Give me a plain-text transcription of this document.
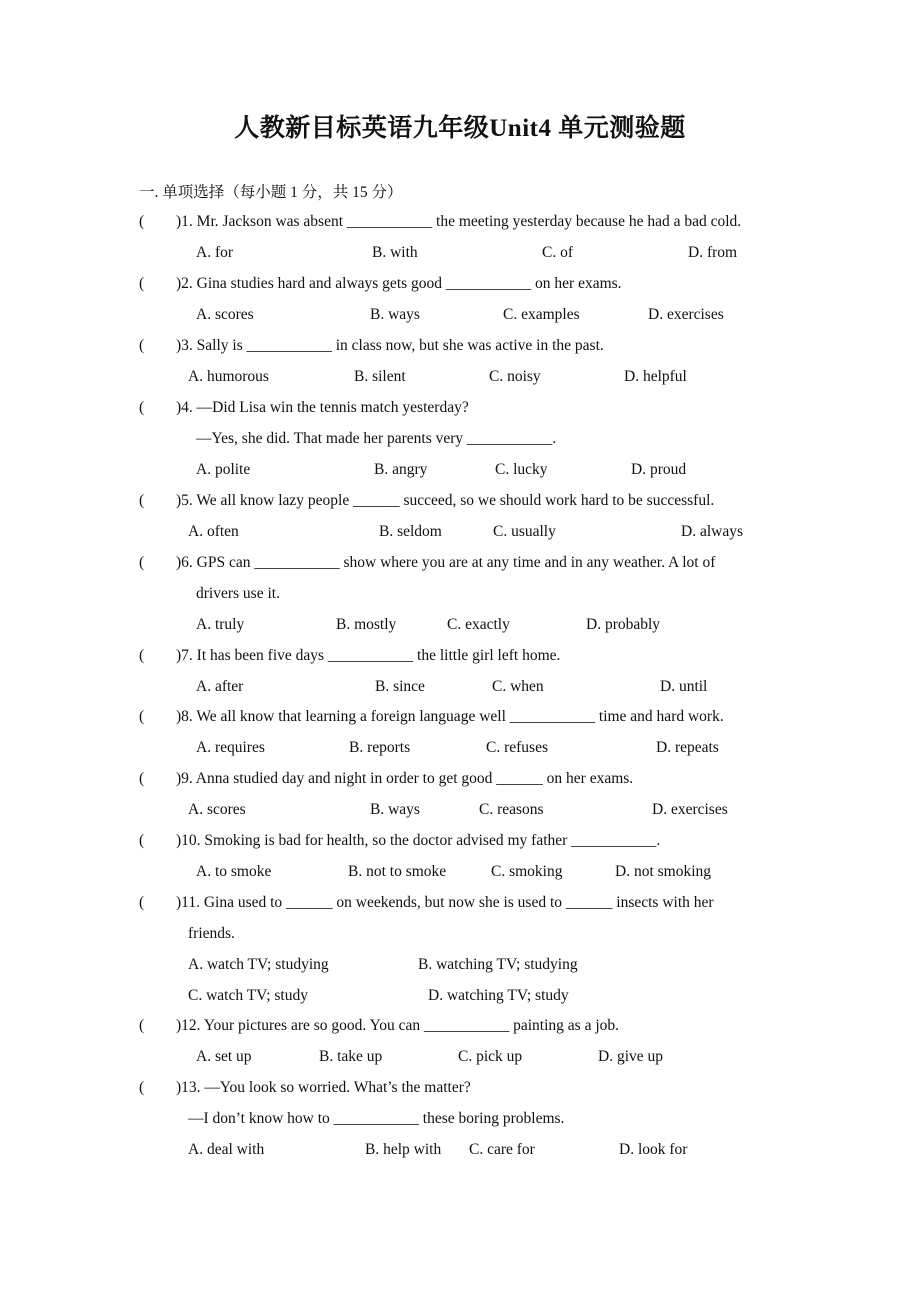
人教新目标英语九年级Unit4 单元测验题
一. 单项选择（每小题 1 分，共 15 分）
( )1. Mr. Jackson was absent ___________ the meeting yesterday because he had a bad cold.
A. for	B. with	C. of	D. from
( )2. Gina studies hard and always gets good ___________ on her exams.
A. scores	B. ways	C. examples	D. exercises
( )3. Sally is ___________ in class now, but she was active in the past.
A. humorous	B. silent	C. noisy	D. helpful
( )4. —Did Lisa win the tennis match yesterday?
—Yes, she did. That made her parents very ___________.
A. polite	B. angry	C. lucky	D. proud
( )5. We all know lazy people ______ succeed, so we should work hard to be successful.
A. often	B. seldom	C. usually	D. always
( )6. GPS can ___________ show where you are at any time and in any weather. A lot of
drivers use it.
A. truly	B. mostly	C. exactly	D. probably
( )7. It has been five days ___________ the little girl left home.
A. after	B. since	C. when	D. until
( )8. We all know that learning a foreign language well ___________ time and hard work.
A. requires	B. reports	C. refuses	D. repeats
( )9. Anna studied day and night in order to get good ______ on her exams.
A. scores	B. ways	C. reasons	D. exercises
( )10. Smoking is bad for health, so the doctor advised my father ___________.
A. to smoke	B. not to smoke	C. smoking	D. not smoking
( )11. Gina used to ______ on weekends, but now she is used to ______ insects with her
friends.
A. watch TV; studying	B. watching TV; studying
C. watch TV; study	D. watching TV; study
( )12. Your pictures are so good. You can ___________ painting as a job.
A. set up	B. take up	C. pick up	D. give up
( )13. —You look so worried. What’s the matter?
—I don’t know how to ___________ these boring problems.
A. deal with	B. help with C. care for	D. look for
